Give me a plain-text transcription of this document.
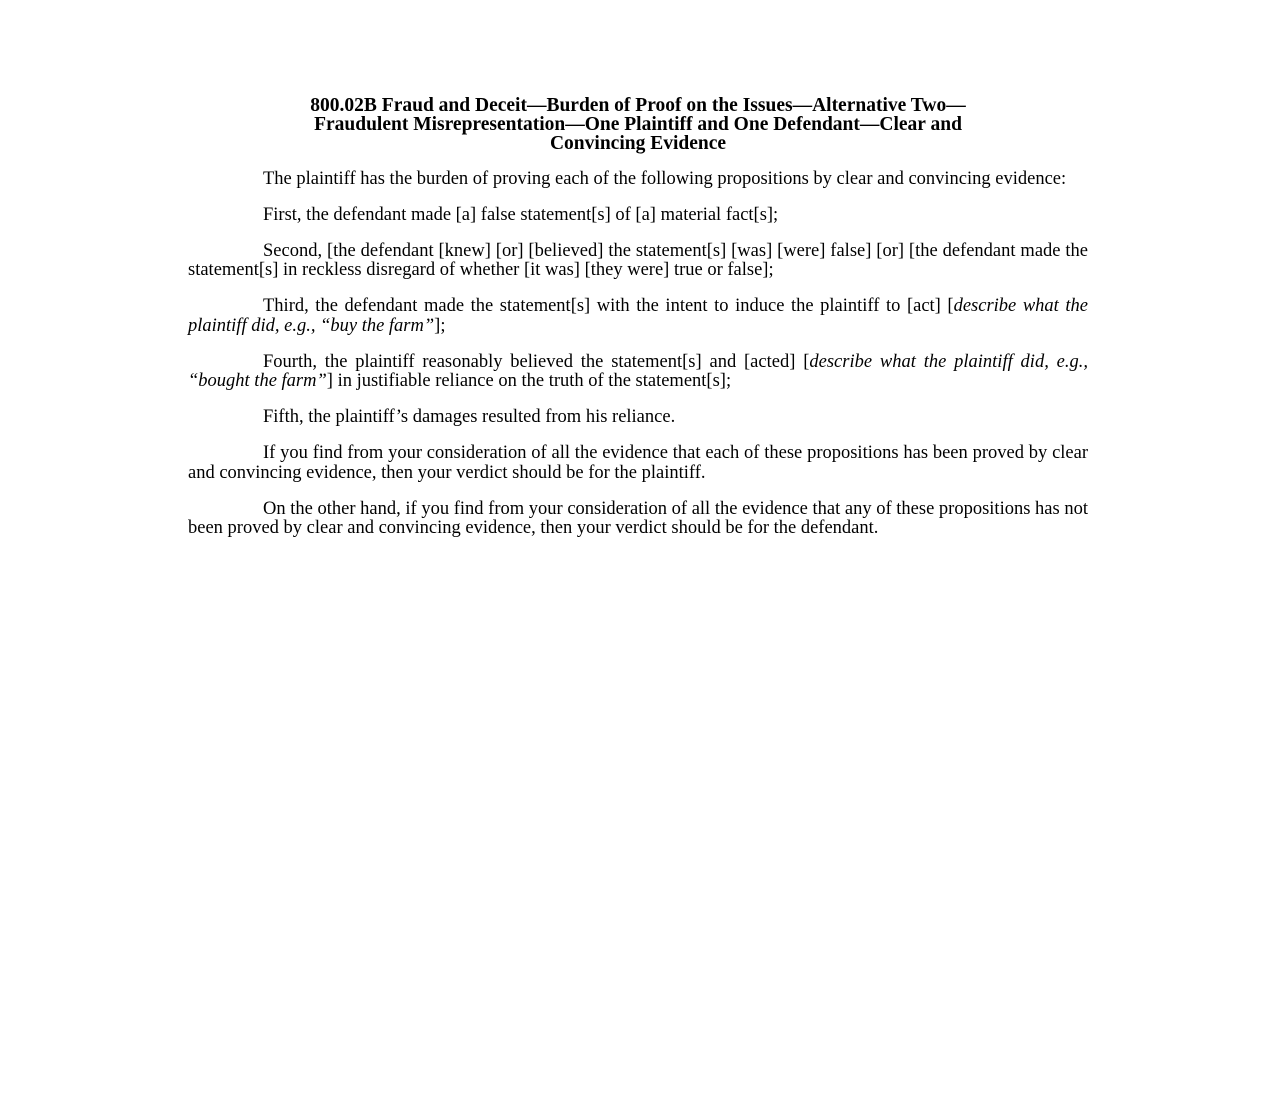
800.02B Fraud and Deceit—Burden of Proof on the Issues—Alternative Two—
Fraudulent Misrepresentation—One Plaintiff and One Defendant—Clear and
Convincing Evidence

The plaintiff has the burden of proving each of the following propositions by clear and convincing evidence:

First, the defendant made [a] false statement[s] of [a] material fact[s];

Second, [the defendant [knew] [or] [believed] the statement[s] [was] [were] false] [or] [the defendant made the statement[s] in reckless disregard of whether [it was] [they were] true or false];

Third, the defendant made the statement[s] with the intent to induce the plaintiff to [act] [describe what the plaintiff did, e.g., “buy the farm”];

Fourth, the plaintiff reasonably believed the statement[s] and [acted] [describe what the plaintiff did, e.g., “bought the farm”] in justifiable reliance on the truth of the statement[s];

Fifth, the plaintiff’s damages resulted from his reliance.

If you find from your consideration of all the evidence that each of these propositions has been proved by clear and convincing evidence, then your verdict should be for the plaintiff.

On the other hand, if you find from your consideration of all the evidence that any of these propositions has not been proved by clear and convincing evidence, then your verdict should be for the defendant.
